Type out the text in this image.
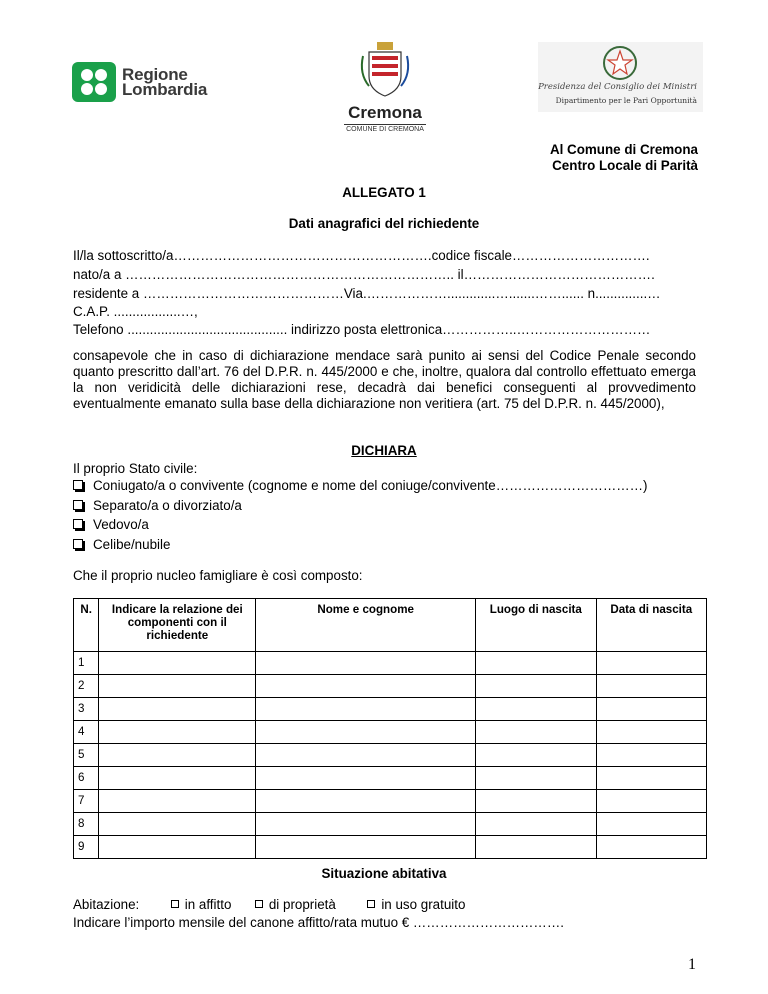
Regione
Lombardia
Cremona
COMUNE DI CREMONA
Presidenza del Consiglio dei Ministri
Dipartimento per le Pari Opportunità
Al Comune di Cremona
Centro Locale di Parità
ALLEGATO 1
Dati anagrafici del richiedente
Il/la sottoscritto/a………………………………………………….codice fiscale………………………….
nato/a a ……………………………………………………………….. il…………………………………….
residente a ………………………………………Via.……………….............….......……...... n..............…
C.A.P. ..................…,
Telefono ........................................... indirizzo posta elettronica……………..…………………………
consapevole che in caso di dichiarazione mendace sarà punito ai sensi del Codice Penale secondo quanto prescritto dall’art. 76 del D.P.R. n. 445/2000 e che, inoltre, qualora dal controllo effettuato emerga la non veridicità delle dichiarazioni rese, decadrà dai benefici conseguenti al provvedimento eventualmente emanato sulla base della dichiarazione non veritiera (art. 75 del D.P.R. n. 445/2000),
DICHIARA
Il proprio Stato civile:
Coniugato/a o convivente (cognome e nome del coniuge/convivente……………………………)
Separato/a o divorziato/a
Vedovo/a
Celibe/nubile
Che il proprio nucleo famigliare è così composto:
N.	Indicare la relazione dei componenti con il richiedente	Nome e cognome	Luogo di nascita	Data di nascita
1				
2				
3				
4				
5				
6				
7				
8				
9				
Situazione abitativa
Abitazione:	in affitto	di proprietà	in uso gratuito
Indicare l’importo mensile del canone affitto/rata mutuo € …………………………….
1
